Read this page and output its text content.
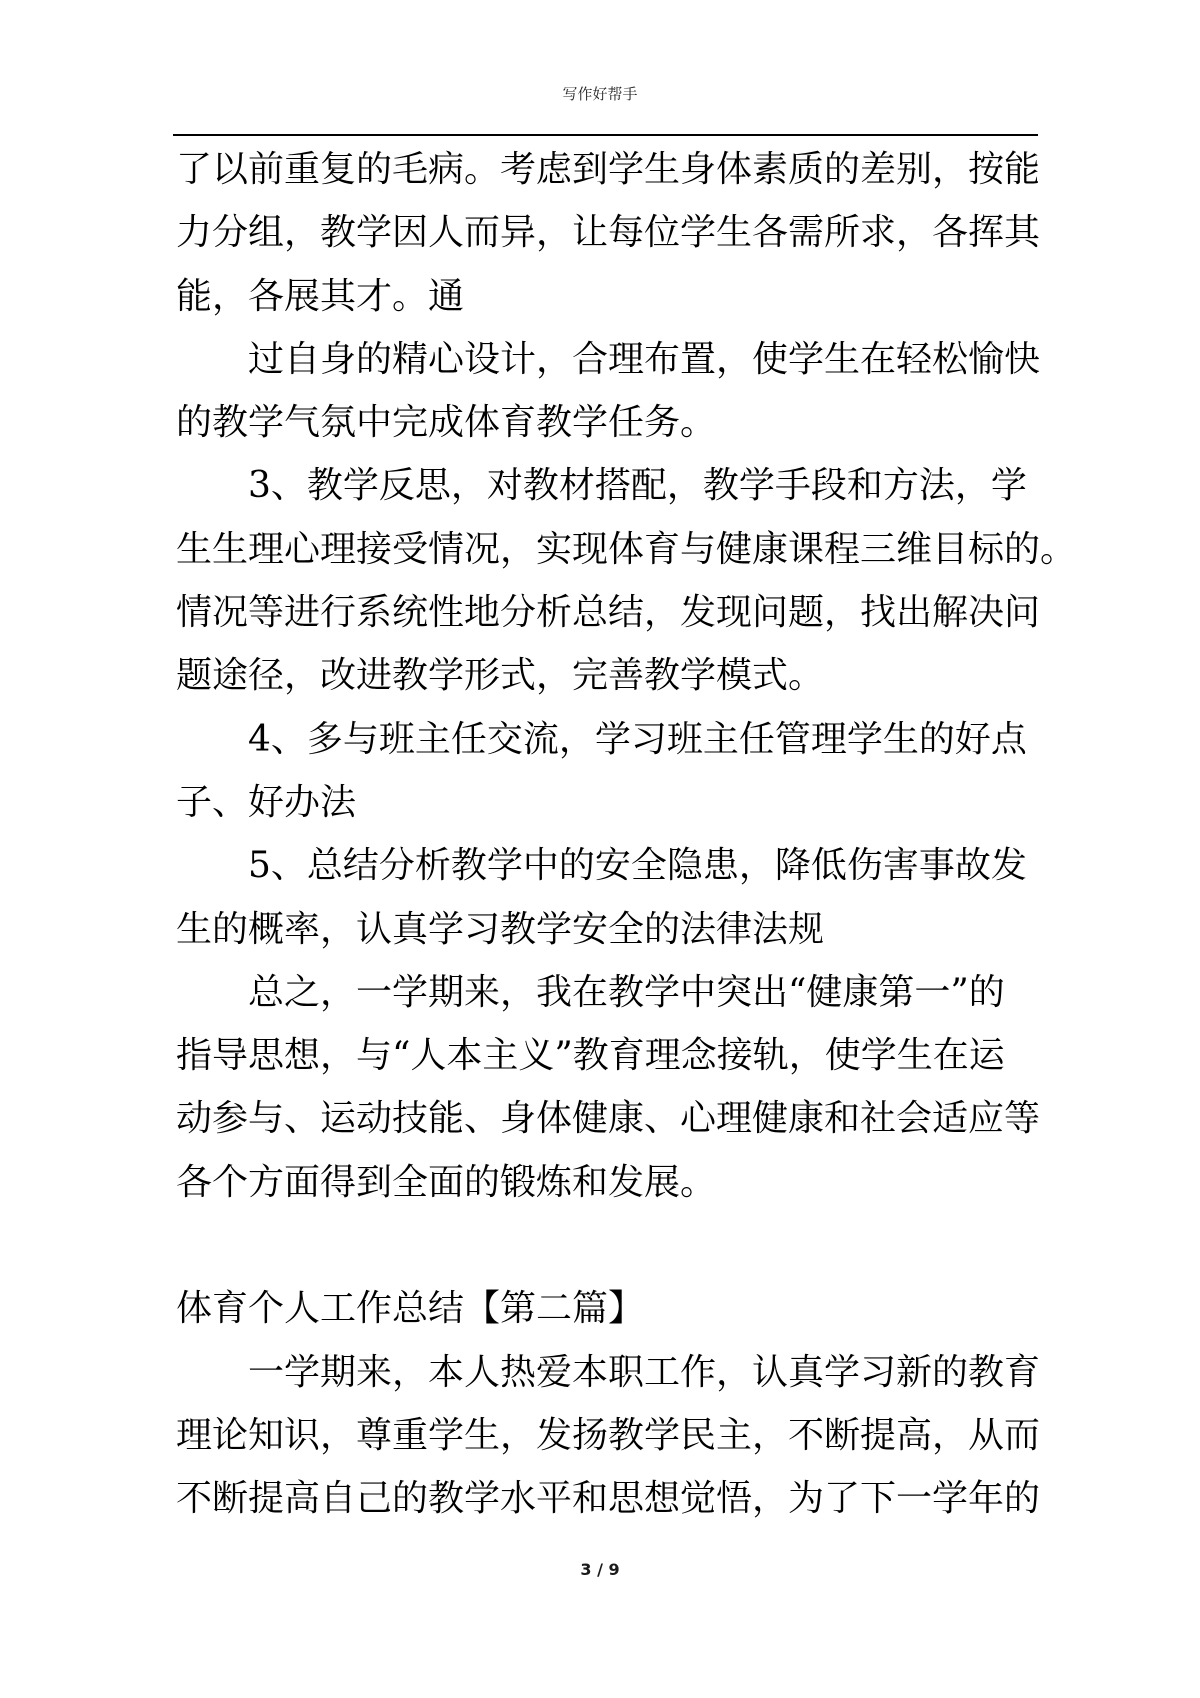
写作好帮手
了以前重复的毛病。考虑到学生身体素质的差别，按能
力分组，教学因人而异，让每位学生各需所求，各挥其
能，各展其才。通
过自身的精心设计，合理布置，使学生在轻松愉快
的教学气氛中完成体育教学任务。
3、教学反思，对教材搭配，教学手段和方法，学
生生理心理接受情况，实现体育与健康课程三维目标的。
情况等进行系统性地分析总结，发现问题，找出解决问
题途径，改进教学形式，完善教学模式。
4、多与班主任交流，学习班主任管理学生的好点
子、好办法
5、总结分析教学中的安全隐患，降低伤害事故发
生的概率，认真学习教学安全的法律法规
总之，一学期来，我在教学中突出“健康第一”的
指导思想，与“人本主义”教育理念接轨，使学生在运
动参与、运动技能、身体健康、心理健康和社会适应等
各个方面得到全面的锻炼和发展。
体育个人工作总结【第二篇】
一学期来，本人热爱本职工作，认真学习新的教育
理论知识，尊重学生，发扬教学民主，不断提高，从而
不断提高自己的教学水平和思想觉悟，为了下一学年的
3 / 9
